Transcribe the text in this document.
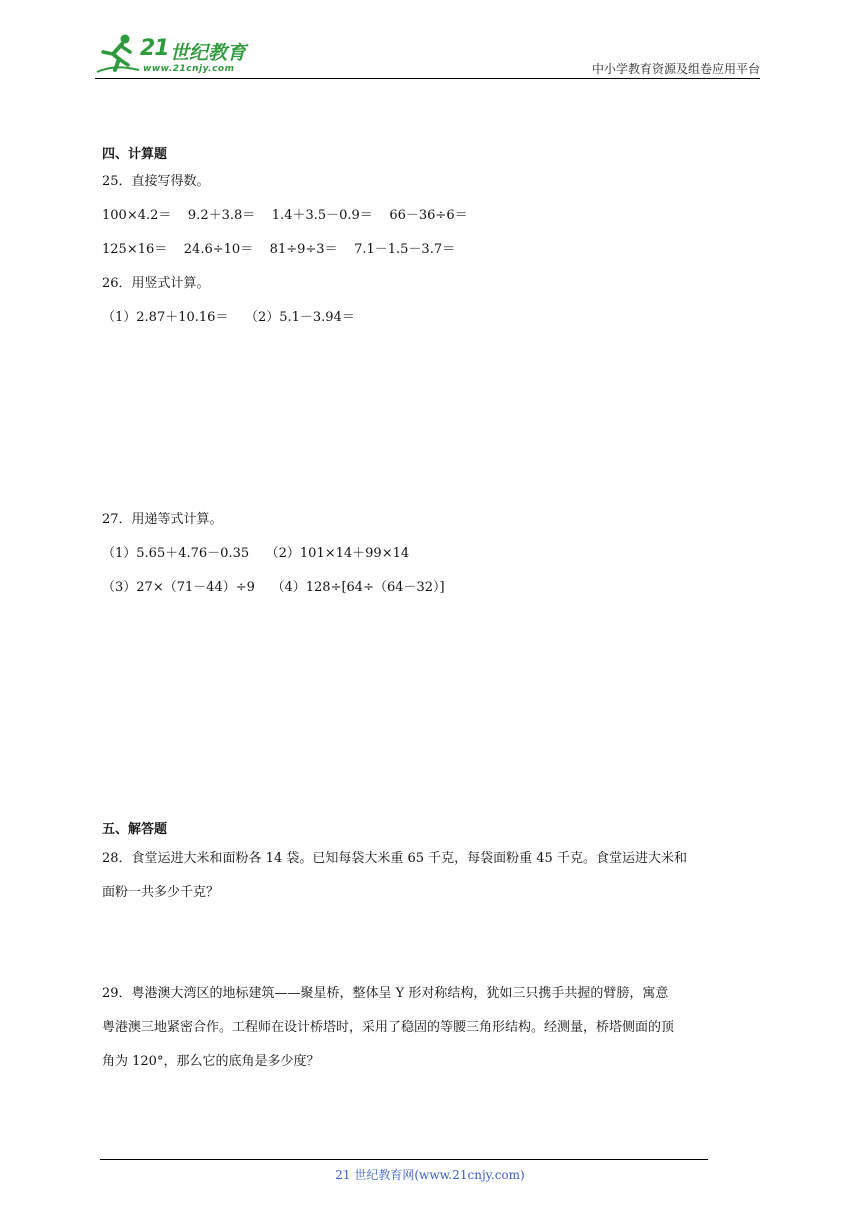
21 世纪教育
www.21cnjy.com	中小学教育资源及组卷应用平台
四、计算题
25．直接写得数。
100×4.2＝    9.2＋3.8＝    1.4＋3.5－0.9＝    66－36÷6＝
125×16＝    24.6÷10＝    81÷9÷3＝    7.1－1.5－3.7＝
26．用竖式计算。
（1）2.87＋10.16＝    （2）5.1－3.94＝
27．用递等式计算。
（1）5.65＋4.76－0.35    （2）101×14＋99×14
（3）27×（71－44）÷9    （4）128÷[64÷（64－32）]
五、解答题
28．食堂运进大米和面粉各 14 袋。已知每袋大米重 65 千克，每袋面粉重 45 千克。食堂运进大米和
面粉一共多少千克？
29．粤港澳大湾区的地标建筑——聚星桥，整体呈 Y 形对称结构，犹如三只携手共握的臂膀，寓意
粤港澳三地紧密合作。工程师在设计桥塔时，采用了稳固的等腰三角形结构。经测量，桥塔侧面的顶
角为 120°，那么它的底角是多少度？
21 世纪教育网(www.21cnjy.com)
